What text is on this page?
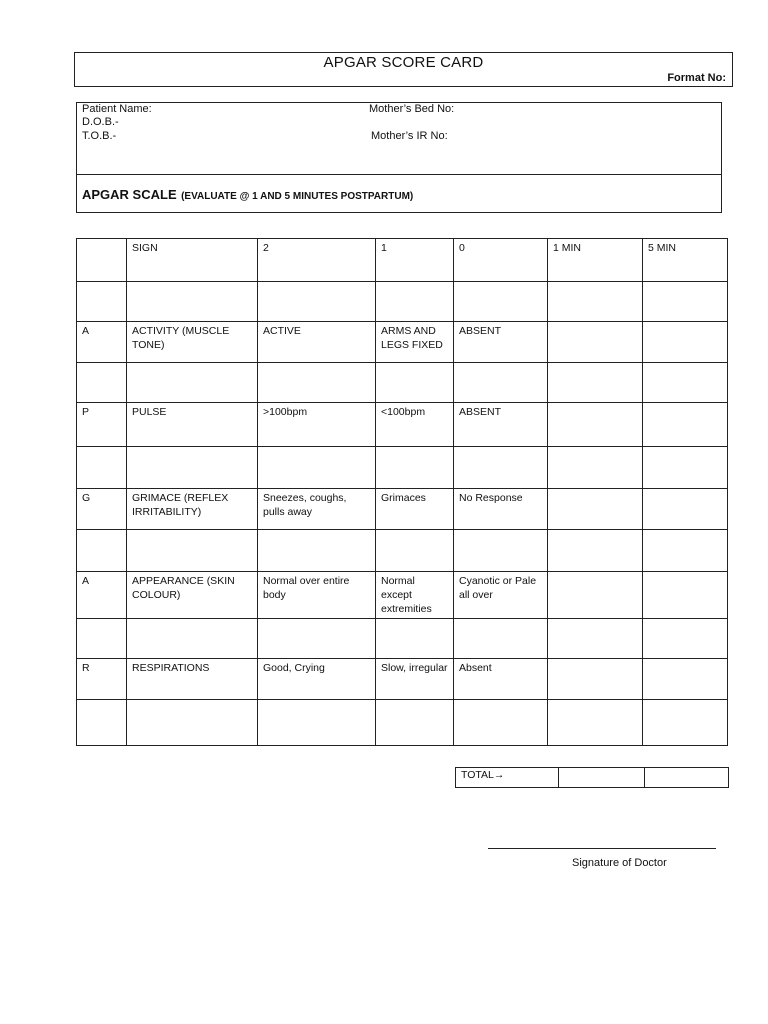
APGAR SCORE CARD
Format No:
Patient Name:
D.O.B.-
T.O.B.-
Mother’s Bed No:
Mother’s IR No:
APGAR SCALE (EVALUATE @ 1 AND 5 MINUTES POSTPARTUM)
	SIGN	2	1	0	1 MIN	5 MIN

A	ACTIVITY (MUSCLE TONE)	ACTIVE	ARMS AND LEGS FIXED	ABSENT		

P	PULSE	>100bpm	<100bpm	ABSENT		

G	GRIMACE (REFLEX IRRITABILITY)	Sneezes, coughs, pulls away	Grimaces	No Response		

A	APPEARANCE (SKIN COLOUR)	Normal over entire body	Normal except extremities	Cyanotic or Pale all over		

R	RESPIRATIONS	Good, Crying	Slow, irregular	Absent		

TOTAL→		
Signature of Doctor
